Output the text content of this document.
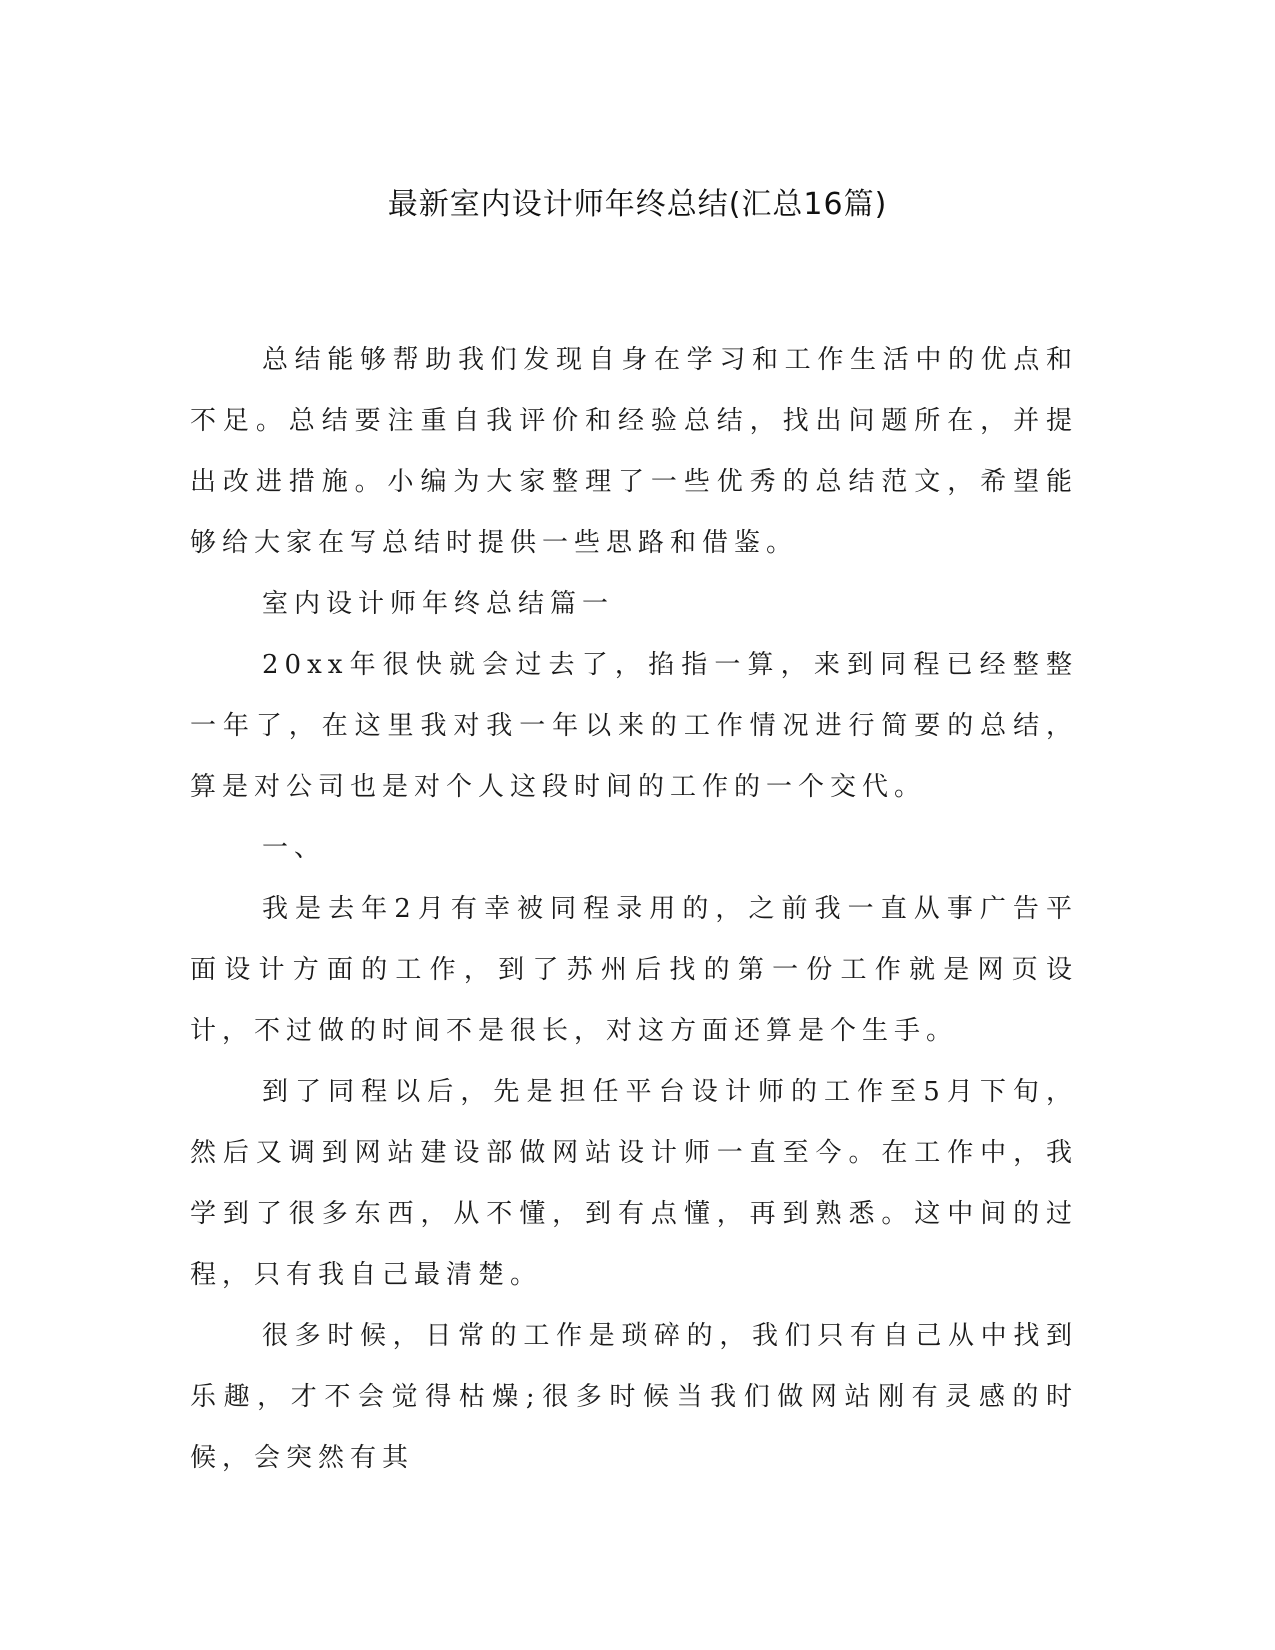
最新室内设计师年终总结(汇总16篇)

总结能够帮助我们发现自身在学习和工作生活中的优点和不足。总结要注重自我评价和经验总结，找出问题所在，并提出改进措施。小编为大家整理了一些优秀的总结范文，希望能够给大家在写总结时提供一些思路和借鉴。

室内设计师年终总结篇一

20xx年很快就会过去了，掐指一算，来到同程已经整整一年了，在这里我对我一年以来的工作情况进行简要的总结，算是对公司也是对个人这段时间的工作的一个交代。

一、

我是去年2月有幸被同程录用的，之前我一直从事广告平面设计方面的工作，到了苏州后找的第一份工作就是网页设计，不过做的时间不是很长，对这方面还算是个生手。

到了同程以后，先是担任平台设计师的工作至5月下旬，然后又调到网站建设部做网站设计师一直至今。在工作中，我学到了很多东西，从不懂，到有点懂，再到熟悉。这中间的过程，只有我自己最清楚。

很多时候，日常的工作是琐碎的，我们只有自己从中找到乐趣，才不会觉得枯燥;很多时候当我们做网站刚有灵感的时候，会突然有其
